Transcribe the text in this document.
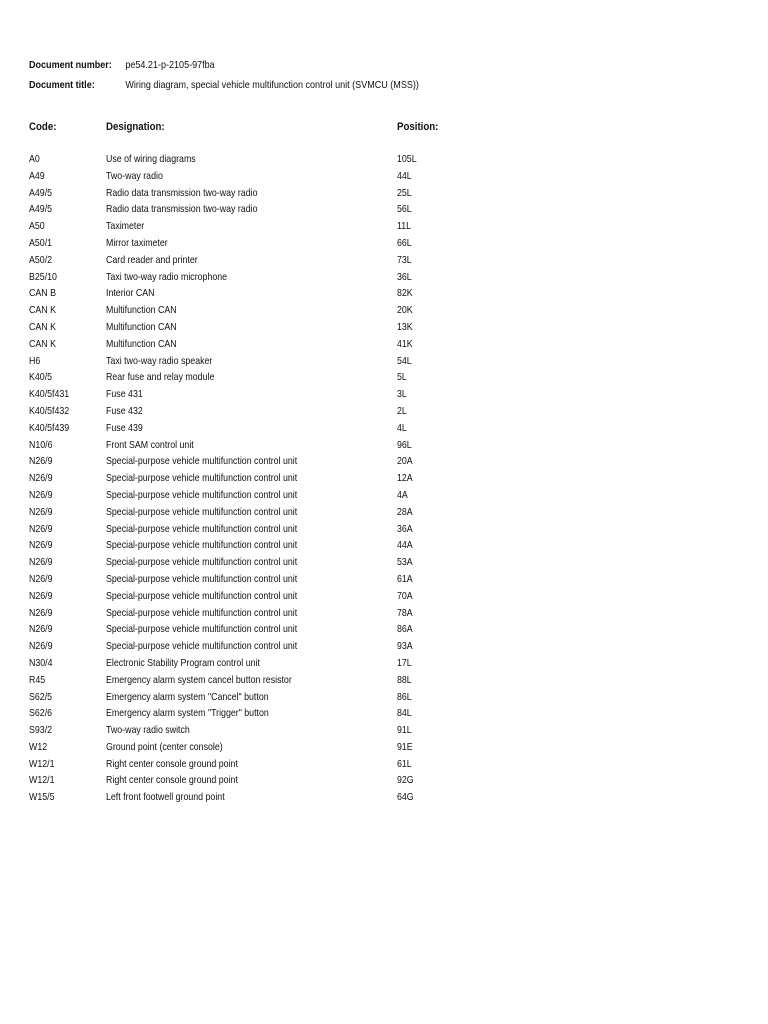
Document number: pe54.21-p-2105-97fba
Document title:	Wiring diagram, special vehicle multifunction control unit (SVMCU (MSS))
Code:	Designation:	Position:
A0	Use of wiring diagrams	105L
A49	Two-way radio	44L
A49/5	Radio data transmission two-way radio	25L
A49/5	Radio data transmission two-way radio	56L
A50	Taximeter	11L
A50/1	Mirror taximeter	66L
A50/2	Card reader and printer	73L
B25/10	Taxi two-way radio microphone	36L
CAN B	Interior CAN	82K
CAN K	Multifunction CAN	20K
CAN K	Multifunction CAN	13K
CAN K	Multifunction CAN	41K
H6	Taxi two-way radio speaker	54L
K40/5	Rear fuse and relay module	5L
K40/5f431	Fuse 431	3L
K40/5f432	Fuse 432	2L
K40/5f439	Fuse 439	4L
N10/6	Front SAM control unit	96L
N26/9	Special-purpose vehicle multifunction control unit	20A
N26/9	Special-purpose vehicle multifunction control unit	12A
N26/9	Special-purpose vehicle multifunction control unit	4A
N26/9	Special-purpose vehicle multifunction control unit	28A
N26/9	Special-purpose vehicle multifunction control unit	36A
N26/9	Special-purpose vehicle multifunction control unit	44A
N26/9	Special-purpose vehicle multifunction control unit	53A
N26/9	Special-purpose vehicle multifunction control unit	61A
N26/9	Special-purpose vehicle multifunction control unit	70A
N26/9	Special-purpose vehicle multifunction control unit	78A
N26/9	Special-purpose vehicle multifunction control unit	86A
N26/9	Special-purpose vehicle multifunction control unit	93A
N30/4	Electronic Stability Program control unit	17L
R45	Emergency alarm system cancel button resistor	88L
S62/5	Emergency alarm system "Cancel" button	86L
S62/6	Emergency alarm system "Trigger" button	84L
S93/2	Two-way radio switch	91L
W12	Ground point (center console)	91E
W12/1	Right center console ground point	61L
W12/1	Right center console ground point	92G
W15/5	Left front footwell ground point	64G
